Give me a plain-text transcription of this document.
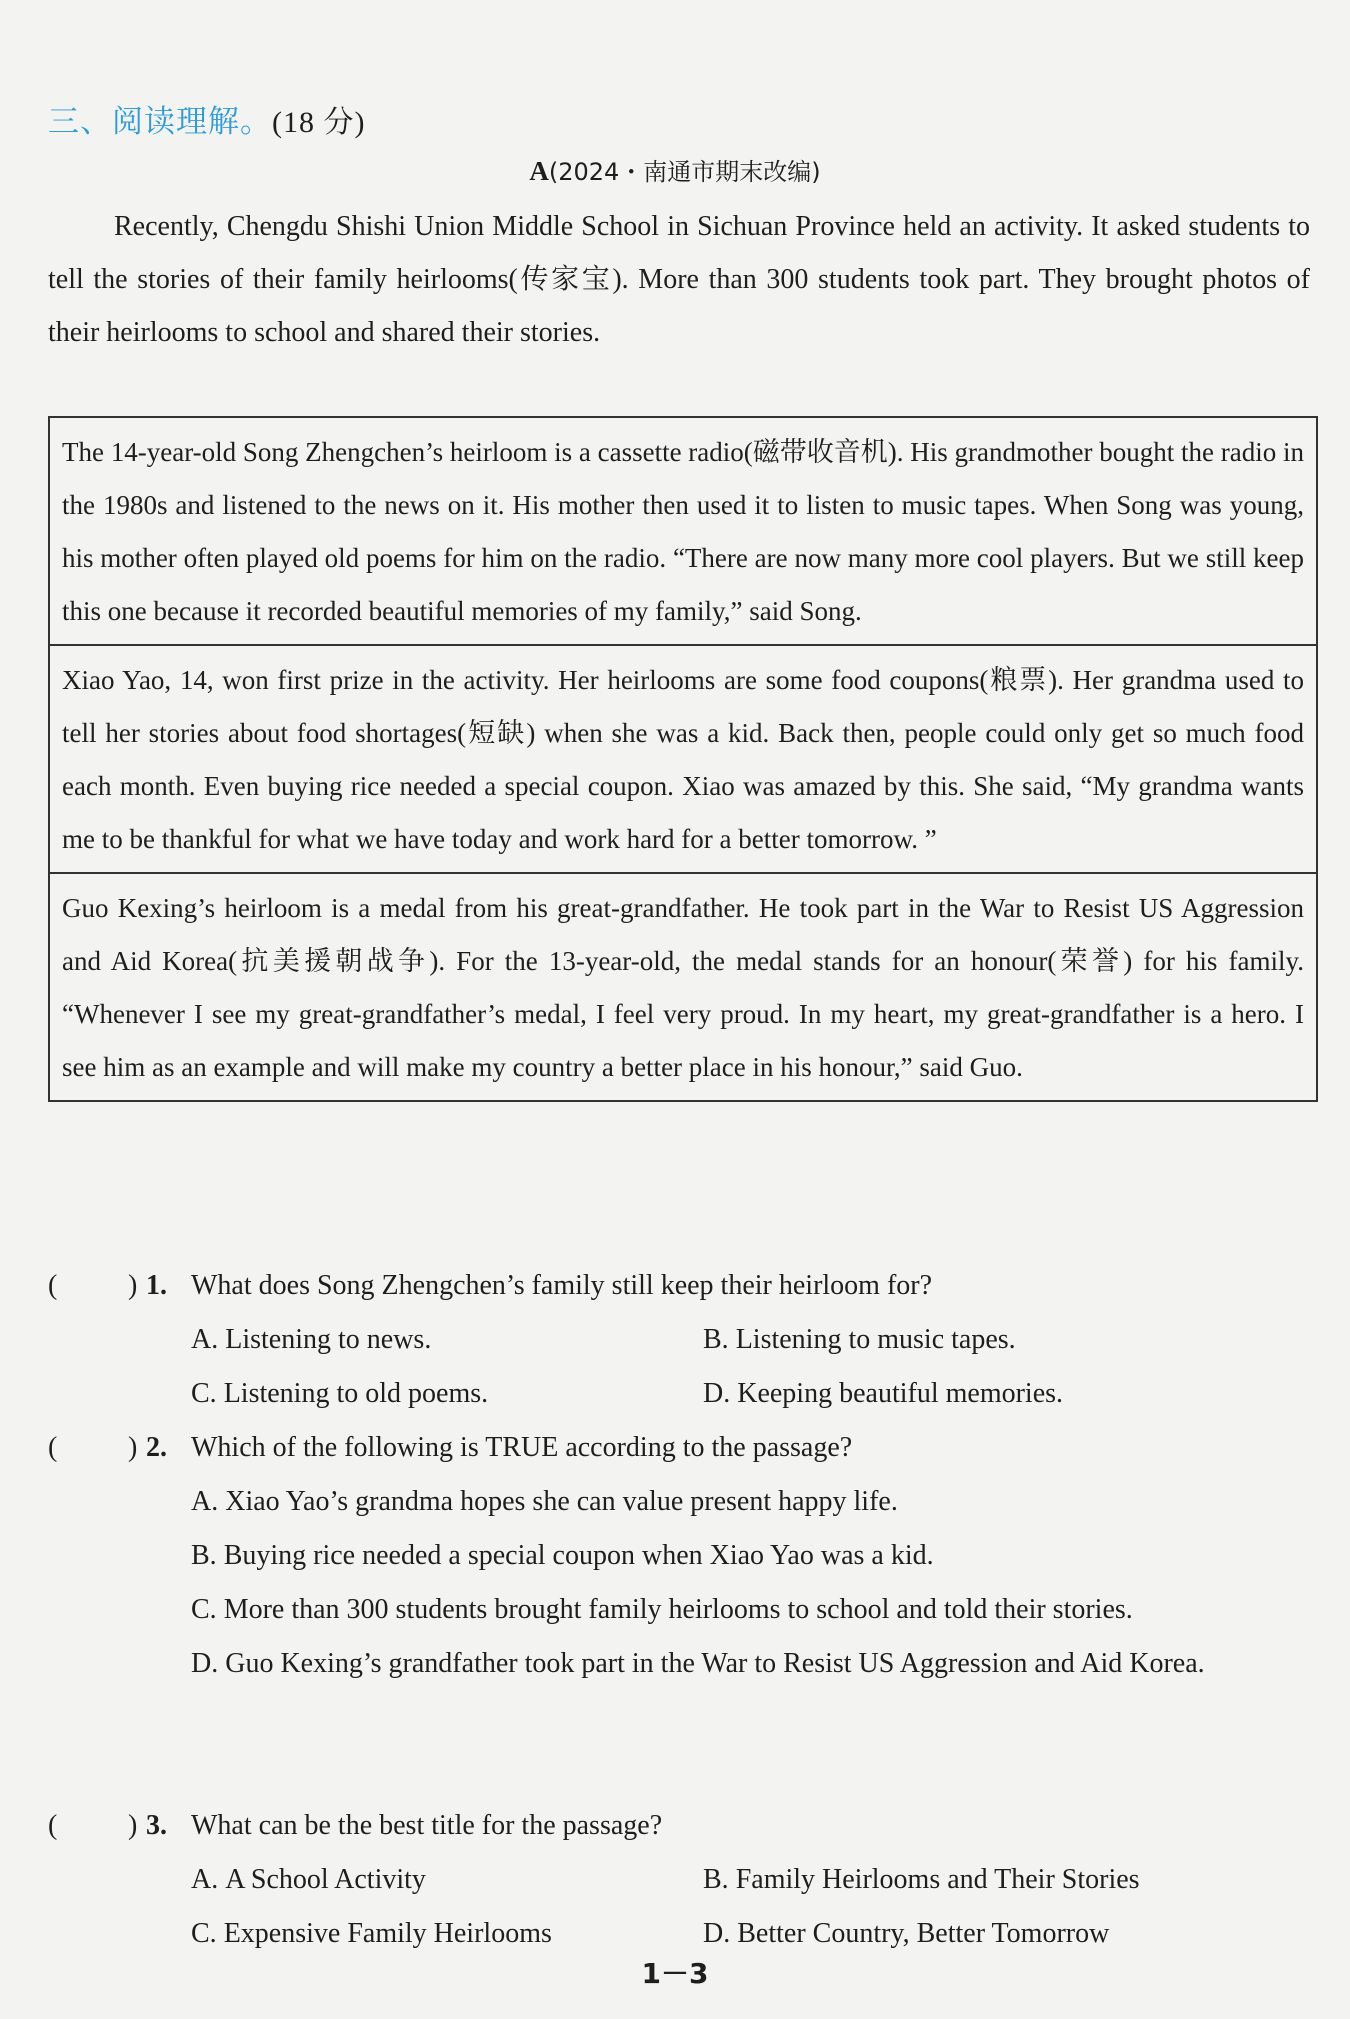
三、阅读理解。(18 分)
A(2024・南通市期末改编)
Recently, Chengdu Shishi Union Middle School in Sichuan Province held an activity. It asked students to tell the stories of their family heirlooms(传家宝). More than 300 students took part. They brought photos of their heirlooms to school and shared their stories.
The 14-year-old Song Zhengchen’s heirloom is a cassette radio(磁带收音机). His grandmother bought the radio in the 1980s and listened to the news on it. His mother then used it to listen to music tapes. When Song was young, his mother often played old poems for him on the radio. “There are now many more cool players. But we still keep this one because it recorded beautiful memories of my family,” said Song.
Xiao Yao, 14, won first prize in the activity. Her heirlooms are some food coupons(粮票). Her grandma used to tell her stories about food shortages(短缺) when she was a kid. Back then, people could only get so much food each month. Even buying rice needed a special coupon. Xiao was amazed by this. She said, “My grandma wants me to be thankful for what we have today and work hard for a better tomorrow. ”
Guo Kexing’s heirloom is a medal from his great-grandfather. He took part in the War to Resist US Aggression and Aid Korea(抗美援朝战争). For the 13-year-old, the medal stands for an honour(荣誉) for his family. “Whenever I see my great-grandfather’s medal, I feel very proud. In my heart, my great-grandfather is a hero. I see him as an example and will make my country a better place in his honour,” said Guo.
(	) 1. What does Song Zhengchen’s family still keep their heirloom for?
A. Listening to news.	B. Listening to music tapes.
C. Listening to old poems.	D. Keeping beautiful memories.
(	) 2. Which of the following is TRUE according to the passage?
A. Xiao Yao’s grandma hopes she can value present happy life.
B. Buying rice needed a special coupon when Xiao Yao was a kid.
C. More than 300 students brought family heirlooms to school and told their stories.
D. Guo Kexing’s grandfather took part in the War to Resist US Aggression and Aid Korea.
(	) 3. What can be the best title for the passage?
A. A School Activity	B. Family Heirlooms and Their Stories
C. Expensive Family Heirlooms	D. Better Country, Better Tomorrow
1－3
